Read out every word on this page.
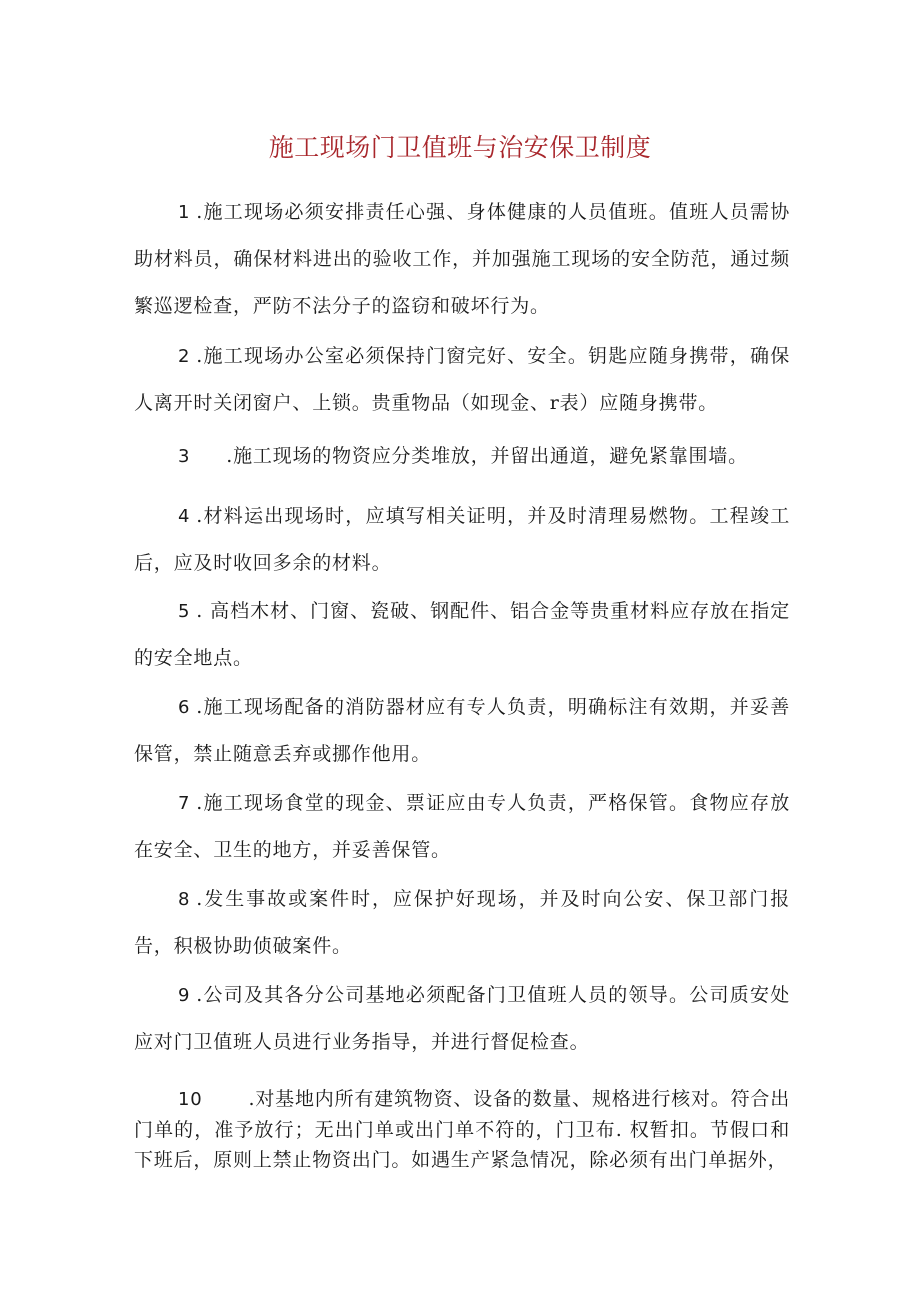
施工现场门卫值班与治安保卫制度

1 .施工现场必须安排责任心强、身体健康的人员值班。值班人员需协助材料员，确保材料进出的验收工作，并加强施工现场的安全防范，通过频繁巡逻检查，严防不法分子的盗窃和破坏行为。

2 .施工现场办公室必须保持门窗完好、安全。钥匙应随身携带，确保人离开时关闭窗户、上锁。贵重物品（如现金、r表）应随身携带。

3 .施工现场的物资应分类堆放，并留出通道，避免紧靠围墙。

4 .材料运出现场时，应填写相关证明，并及时清理易燃物。工程竣工后，应及时收回多余的材料。

5 . 高档木材、门窗、瓷破、钢配件、铝合金等贵重材料应存放在指定的安全地点。

6 .施工现场配备的消防器材应有专人负责，明确标注有效期，并妥善保管，禁止随意丢弃或挪作他用。

7 .施工现场食堂的现金、票证应由专人负责，严格保管。食物应存放在安全、卫生的地方，并妥善保管。

8 .发生事故或案件时，应保护好现场，并及时向公安、保卫部门报告，积极协助侦破案件。

9 .公司及其各分公司基地必须配备门卫值班人员的领导。公司质安处应对门卫值班人员进行业务指导，并进行督促检查。

10 .对基地内所有建筑物资、设备的数量、规格进行核对。符合出门单的，准予放行；无出门单或出门单不符的，门卫布. 权暂扣。节假口和下班后，原则上禁止物资出门。如遇生产紧急情况，除必须有出门单据外，
